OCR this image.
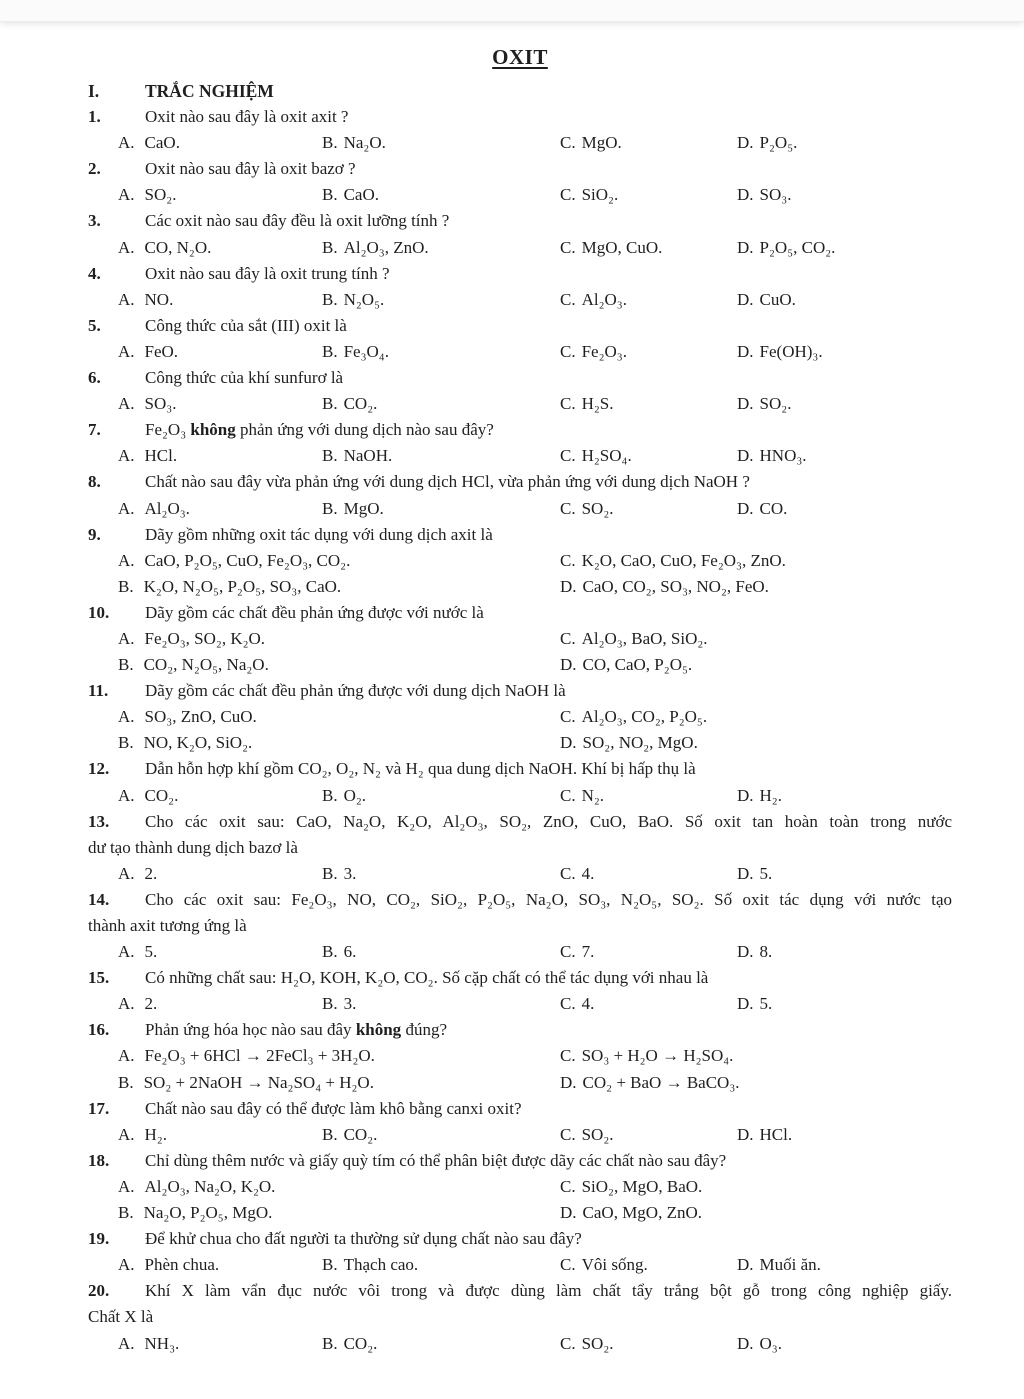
OXIT
I.	TRẮC NGHIỆM
1.	Oxit nào sau đây là oxit axit ?
A. CaO.	B. Na₂O.	C. MgO.	D. P₂O₅.
2.	Oxit nào sau đây là oxit bazơ ?
A. SO₂.	B. CaO.	C. SiO₂.	D. SO₃.
3.	Các oxit nào sau đây đều là oxit lưỡng tính ?
A. CO, N₂O.	B. Al₂O₃, ZnO.	C. MgO, CuO.	D. P₂O₅, CO₂.
4.	Oxit nào sau đây là oxit trung tính ?
A. NO.	B. N₂O₅.	C. Al₂O₃.	D. CuO.
5.	Công thức của sắt (III) oxit là
A. FeO.	B. Fe₃O₄.	C. Fe₂O₃.	D. Fe(OH)₃.
6.	Công thức của khí sunfurơ là
A. SO₃.	B. CO₂.	C. H₂S.	D. SO₂.
7.	Fe₂O₃ không phản ứng với dung dịch nào sau đây?
A. HCl.	B. NaOH.	C. H₂SO₄.	D. HNO₃.
8.	Chất nào sau đây vừa phản ứng với dung dịch HCl, vừa phản ứng với dung dịch NaOH ?
A. Al₂O₃.	B. MgO.	C. SO₂.	D. CO.
9.	Dãy gồm những oxit tác dụng với dung dịch axit là
A. CaO, P₂O₅, CuO, Fe₂O₃, CO₂.	C. K₂O, CaO, CuO, Fe₂O₃, ZnO.
B. K₂O, N₂O₅, P₂O₅, SO₃, CaO.	D. CaO, CO₂, SO₃, NO₂, FeO.
10. Dãy gồm các chất đều phản ứng được với nước là
A. Fe₂O₃, SO₂, K₂O.	C. Al₂O₃, BaO, SiO₂.
B. CO₂, N₂O₅, Na₂O.	D. CO, CaO, P₂O₅.
11. Dãy gồm các chất đều phản ứng được với dung dịch NaOH là
A. SO₃, ZnO, CuO.	C. Al₂O₃, CO₂, P₂O₅.
B. NO, K₂O, SiO₂.	D. SO₂, NO₂, MgO.
12. Dẫn hỗn hợp khí gồm CO₂, O₂, N₂ và H₂ qua dung dịch NaOH. Khí bị hấp thụ là
A. CO₂.	B. O₂.	C. N₂.	D. H₂.
13. Cho các oxit sau: CaO, Na₂O, K₂O, Al₂O₃, SO₂, ZnO, CuO, BaO. Số oxit tan hoàn toàn trong nước
dư tạo thành dung dịch bazơ là
A. 2.	B. 3.	C. 4.	D. 5.
14. Cho các oxit sau: Fe₂O₃, NO, CO₂, SiO₂, P₂O₅, Na₂O, SO₃, N₂O₅, SO₂. Số oxit tác dụng với nước tạo
thành axit tương ứng là
A. 5.	B. 6.	C. 7.	D. 8.
15. Có những chất sau: H₂O, KOH, K₂O, CO₂. Số cặp chất có thể tác dụng với nhau là
A. 2.	B. 3.	C. 4.	D. 5.
16. Phản ứng hóa học nào sau đây không đúng?
A. Fe₂O₃ + 6HCl → 2FeCl₃ + 3H₂O.	C. SO₃ + H₂O → H₂SO₄.
B. SO₂ + 2NaOH → Na₂SO₄ + H₂O.	D. CO₂ + BaO → BaCO₃.
17. Chất nào sau đây có thể được làm khô bằng canxi oxit?
A. H₂.	B. CO₂.	C. SO₂.	D. HCl.
18. Chỉ dùng thêm nước và giấy quỳ tím có thể phân biệt được dãy các chất nào sau đây?
A. Al₂O₃, Na₂O, K₂O.	C. SiO₂, MgO, BaO.
B. Na₂O, P₂O₅, MgO.	D. CaO, MgO, ZnO.
19. Để khử chua cho đất người ta thường sử dụng chất nào sau đây?
A. Phèn chua.	B. Thạch cao.	C. Vôi sống.	D. Muối ăn.
20. Khí X làm vẩn đục nước vôi trong và được dùng làm chất tẩy trắng bột gỗ trong công nghiệp giấy.
Chất X là
A. NH₃.	B. CO₂.	C. SO₂.	D. O₃.
